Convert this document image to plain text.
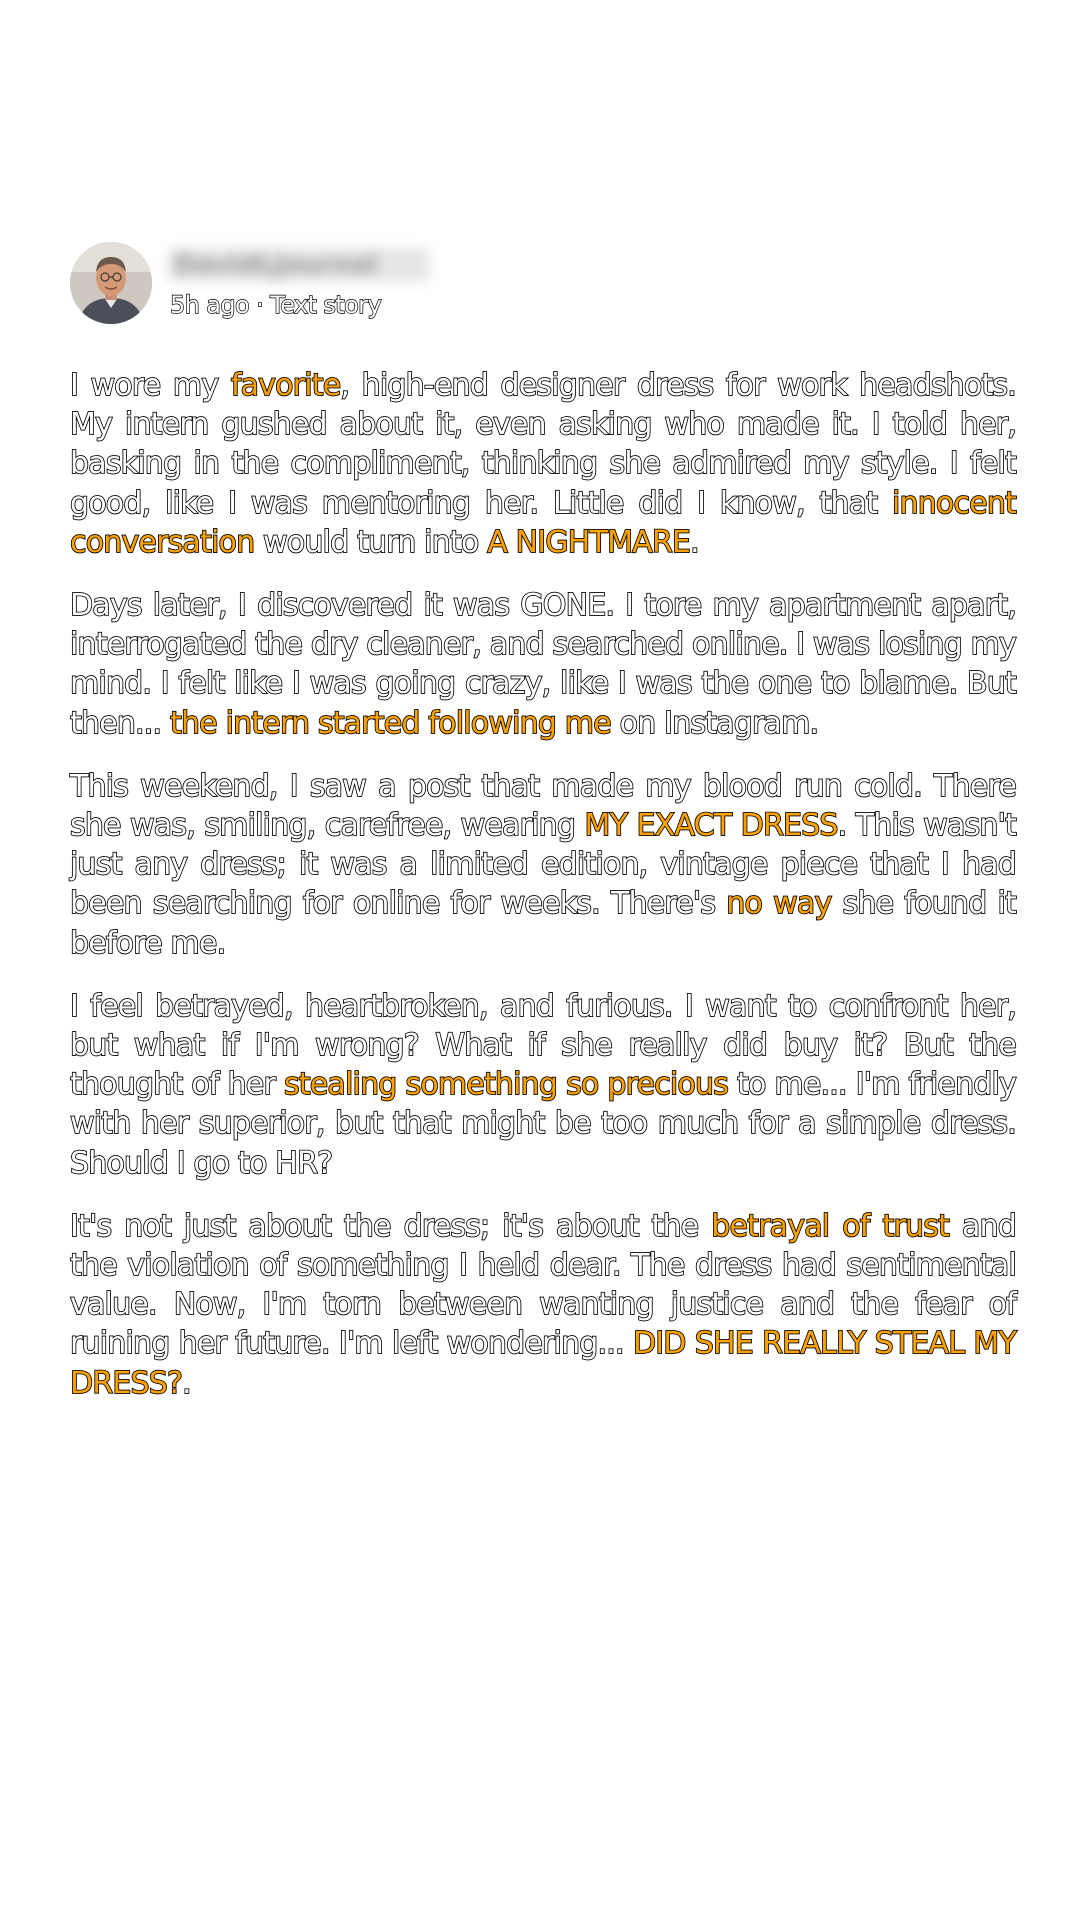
DavidLJournal
5h ago · Text story

I wore my favorite, high-end designer dress for work headshots. My intern gushed about it, even asking who made it. I told her, basking in the compliment, thinking she admired my style. I felt good, like I was mentoring her. Little did I know, that innocent conversation would turn into A NIGHTMARE.

Days later, I discovered it was GONE. I tore my apartment apart, interrogated the dry cleaner, and searched online. I was losing my mind. I felt like I was going crazy, like I was the one to blame. But then... the intern started following me on Instagram.

This weekend, I saw a post that made my blood run cold. There she was, smiling, carefree, wearing MY EXACT DRESS. This wasn't just any dress; it was a limited edition, vintage piece that I had been searching for online for weeks. There's no way she found it before me.

I feel betrayed, heartbroken, and furious. I want to confront her, but what if I'm wrong? What if she really did buy it? But the thought of her stealing something so precious to me... I'm friendly with her superior, but that might be too much for a simple dress. Should I go to HR?

It's not just about the dress; it's about the betrayal of trust and the violation of something I held dear. The dress had sentimental value. Now, I'm torn between wanting justice and the fear of ruining her future. I'm left wondering... DID SHE REALLY STEAL MY DRESS?.
